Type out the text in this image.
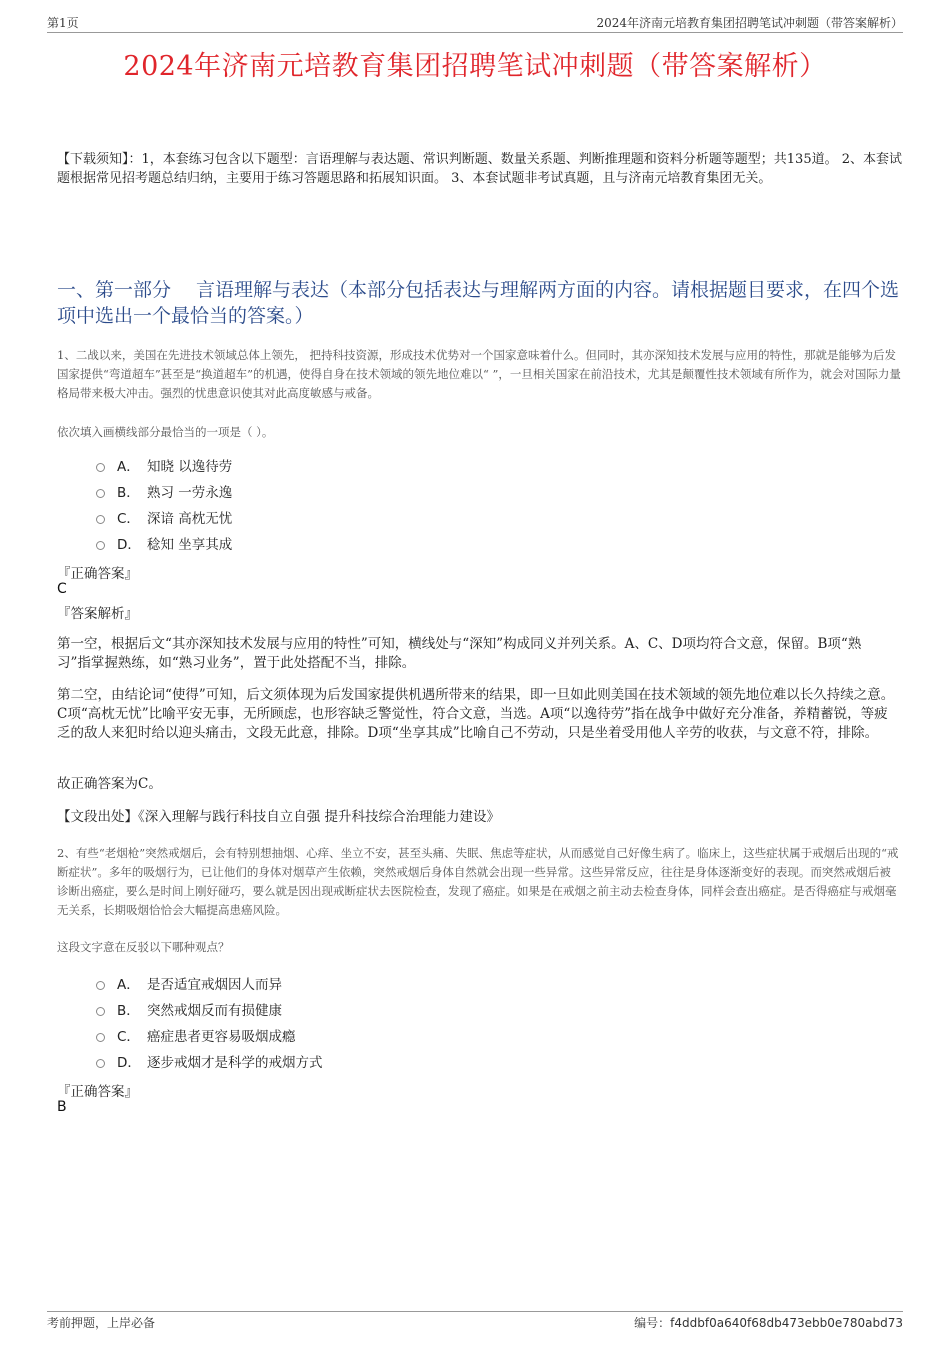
第1页	2024年济南元培教育集团招聘笔试冲刺题（带答案解析）
2024年济南元培教育集团招聘笔试冲刺题（带答案解析）
【下载须知】：1，本套练习包含以下题型：言语理解与表达题、常识判断题、数量关系题、判断推理题和资料分析题等题型；共135道。 2、本套试题根据常见招考题总结归纳，主要用于练习答题思路和拓展知识面。 3、本套试题非考试真题，且与济南元培教育集团无关。
一、第一部分　 言语理解与表达（本部分包括表达与理解两方面的内容。请根据题目要求，在四个选项中选出一个最恰当的答案。）
1、二战以来，美国在先进技术领域总体上领先， 把持科技资源，形成技术优势对一个国家意味着什么。但同时，其亦深知技术发展与应用的特性，那就是能够为后发国家提供“弯道超车”甚至是“换道超车”的机遇，使得自身在技术领域的领先地位难以“ ”，一旦相关国家在前沿技术，尤其是颠覆性技术领域有所作为，就会对国际力量格局带来极大冲击。强烈的忧患意识使其对此高度敏感与戒备。
依次填入画横线部分最恰当的一项是（ ）。
A． 知晓 以逸待劳
B． 熟习 一劳永逸
C． 深谙 高枕无忧
D． 稔知 坐享其成
『正确答案』
C
『答案解析』
第一空，根据后文“其亦深知技术发展与应用的特性”可知，横线处与“深知”构成同义并列关系。A、C、D项均符合文意，保留。B项“熟习”指掌握熟练，如“熟习业务”，置于此处搭配不当，排除。
第二空，由结论词“使得”可知，后文须体现为后发国家提供机遇所带来的结果，即一旦如此则美国在技术领域的领先地位难以长久持续之意。C项“高枕无忧”比喻平安无事，无所顾虑，也形容缺乏警觉性，符合文意，当选。A项“以逸待劳”指在战争中做好充分准备，养精蓄锐，等疲乏的敌人来犯时给以迎头痛击，文段无此意，排除。D项“坐享其成”比喻自己不劳动，只是坐着受用他人辛劳的收获，与文意不符，排除。
故正确答案为C。
【文段出处】《深入理解与践行科技自立自强 提升科技综合治理能力建设》
2、有些“老烟枪”突然戒烟后，会有特别想抽烟、心痒、坐立不安，甚至头痛、失眠、焦虑等症状，从而感觉自己好像生病了。临床上，这些症状属于戒烟后出现的“戒断症状”。多年的吸烟行为，已让他们的身体对烟草产生依赖，突然戒烟后身体自然就会出现一些异常。这些异常反应，往往是身体逐渐变好的表现。而突然戒烟后被诊断出癌症，要么是时间上刚好碰巧，要么就是因出现戒断症状去医院检查，发现了癌症。如果是在戒烟之前主动去检查身体，同样会查出癌症。是否得癌症与戒烟毫无关系，长期吸烟恰恰会大幅提高患癌风险。
这段文字意在反驳以下哪种观点？
A． 是否适宜戒烟因人而异
B． 突然戒烟反而有损健康
C． 癌症患者更容易吸烟成瘾
D． 逐步戒烟才是科学的戒烟方式
『正确答案』
B
考前押题，上岸必备	编号：f4ddbf0a640f68db473ebb0e780abd73
